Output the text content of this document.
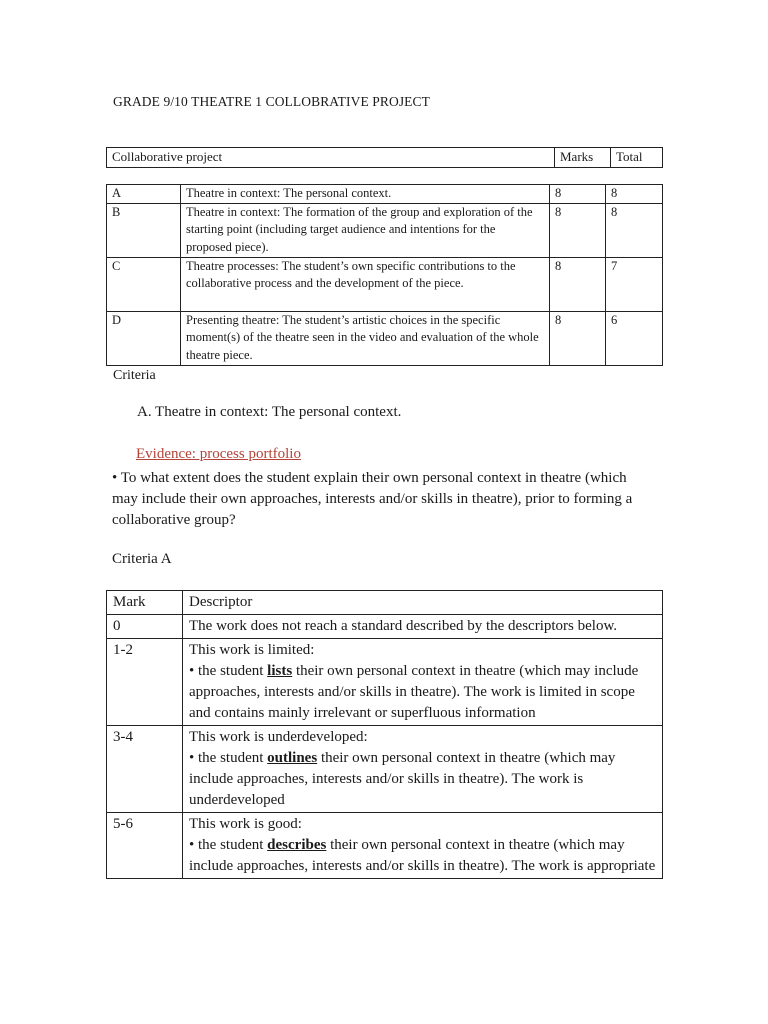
GRADE 9/10 THEATRE 1 COLLOBRATIVE PROJECT
Collaborative project	Marks	Total
A	Theatre in context: The personal context.	8	8
B	Theatre in context: The formation of the group and exploration of the starting point (including target audience and intentions for the proposed piece).	8	8
C	Theatre processes: The student’s own specific contributions to the collaborative process and the development of the piece.	8	7
D	Presenting theatre: The student’s artistic choices in the specific moment(s) of the theatre seen in the video and evaluation of the whole theatre piece.	8	6
Criteria
A. Theatre in context: The personal context.
Evidence: process portfolio
• To what extent does the student explain their own personal context in theatre (which may include their own approaches, interests and/or skills in theatre), prior to forming a collaborative group?
Criteria A
Mark	Descriptor
0	The work does not reach a standard described by the descriptors below.

1-2	This work is limited:
• the student lists their own personal context in theatre (which may include approaches, interests and/or skills in theatre). The work is limited in scope and contains mainly irrelevant or superfluous information

3-4	This work is underdeveloped:
• the student outlines their own personal context in theatre (which may include approaches, interests and/or skills in theatre). The work is underdeveloped

5-6	This work is good:
• the student describes their own personal context in theatre (which may include approaches, interests and/or skills in theatre). The work is appropriate
